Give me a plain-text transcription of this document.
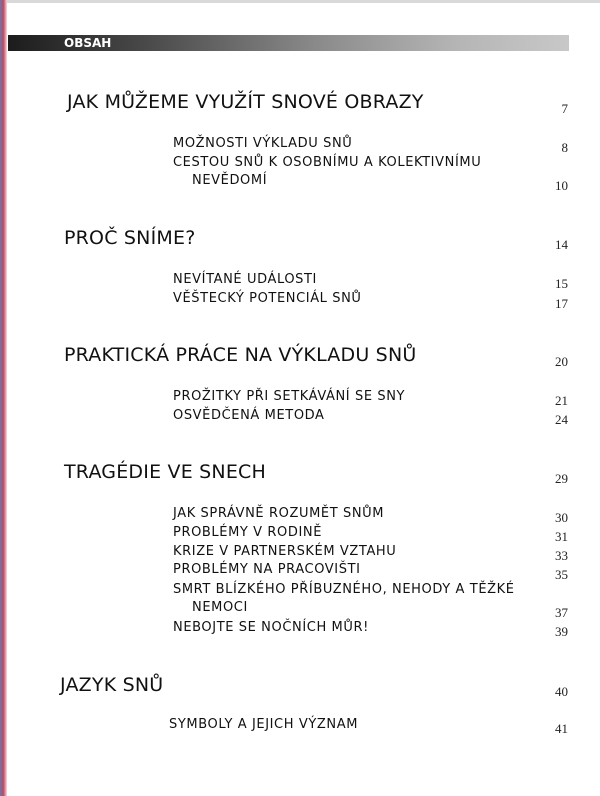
OBSAH
JAK MŮŽEME VYUŽÍT SNOVÉ OBRAZY	7
MOŽNOSTI VÝKLADU SNŮ	8
CESTOU SNŮ K OSOBNÍMU A KOLEKTIVNÍMU
NEVĚDOMÍ	10
PROČ SNÍME?	14
NEVÍTANÉ UDÁLOSTI	15
VĚŠTECKÝ POTENCIÁL SNŮ	17
PRAKTICKÁ PRÁCE NA VÝKLADU SNŮ	20
PROŽITKY PŘI SETKÁVÁNÍ SE SNY	21
OSVĚDČENÁ METODA	24
TRAGÉDIE VE SNECH	29
JAK SPRÁVNĚ ROZUMĚT SNŮM	30
PROBLÉMY V RODINĚ	31
KRIZE V PARTNERSKÉM VZTAHU	33
PROBLÉMY NA PRACOVIŠTI	35
SMRT BLÍZKÉHO PŘÍBUZNÉHO, NEHODY A TĚŽKÉ
NEMOCI	37
NEBOJTE SE NOČNÍCH MŮR!	39
JAZYK SNŮ	40
SYMBOLY A JEJICH VÝZNAM	41
